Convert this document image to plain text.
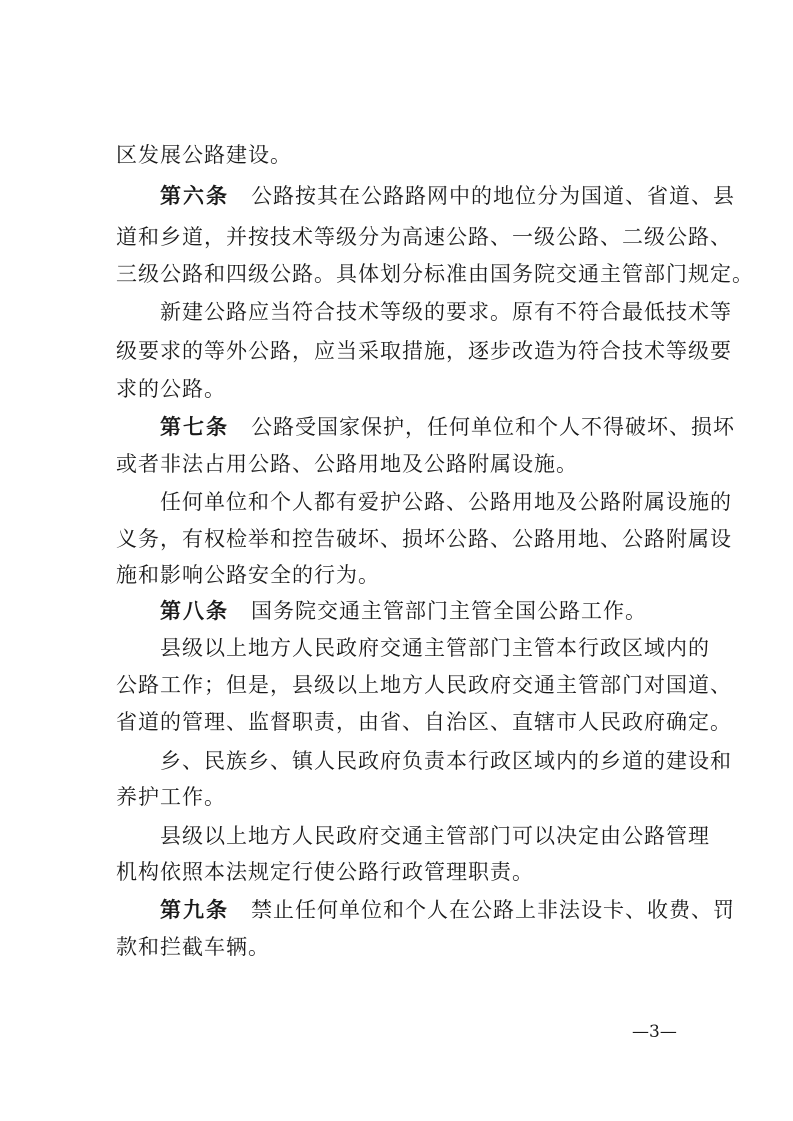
区发展公路建设。
第六条 公路按其在公路路网中的地位分为国道、省道、县
道和乡道，并按技术等级分为高速公路、一级公路、二级公路、
三级公路和四级公路。具体划分标准由国务院交通主管部门规定。
新建公路应当符合技术等级的要求。原有不符合最低技术等
级要求的等外公路，应当采取措施，逐步改造为符合技术等级要
求的公路。
第七条 公路受国家保护，任何单位和个人不得破坏、损坏
或者非法占用公路、公路用地及公路附属设施。
任何单位和个人都有爱护公路、公路用地及公路附属设施的
义务，有权检举和控告破坏、损坏公路、公路用地、公路附属设
施和影响公路安全的行为。
第八条 国务院交通主管部门主管全国公路工作。
县级以上地方人民政府交通主管部门主管本行政区域内的
公路工作；但是，县级以上地方人民政府交通主管部门对国道、
省道的管理、监督职责，由省、自治区、直辖市人民政府确定。
乡、民族乡、镇人民政府负责本行政区域内的乡道的建设和
养护工作。
县级以上地方人民政府交通主管部门可以决定由公路管理
机构依照本法规定行使公路行政管理职责。
第九条 禁止任何单位和个人在公路上非法设卡、收费、罚
款和拦截车辆。
—3—
